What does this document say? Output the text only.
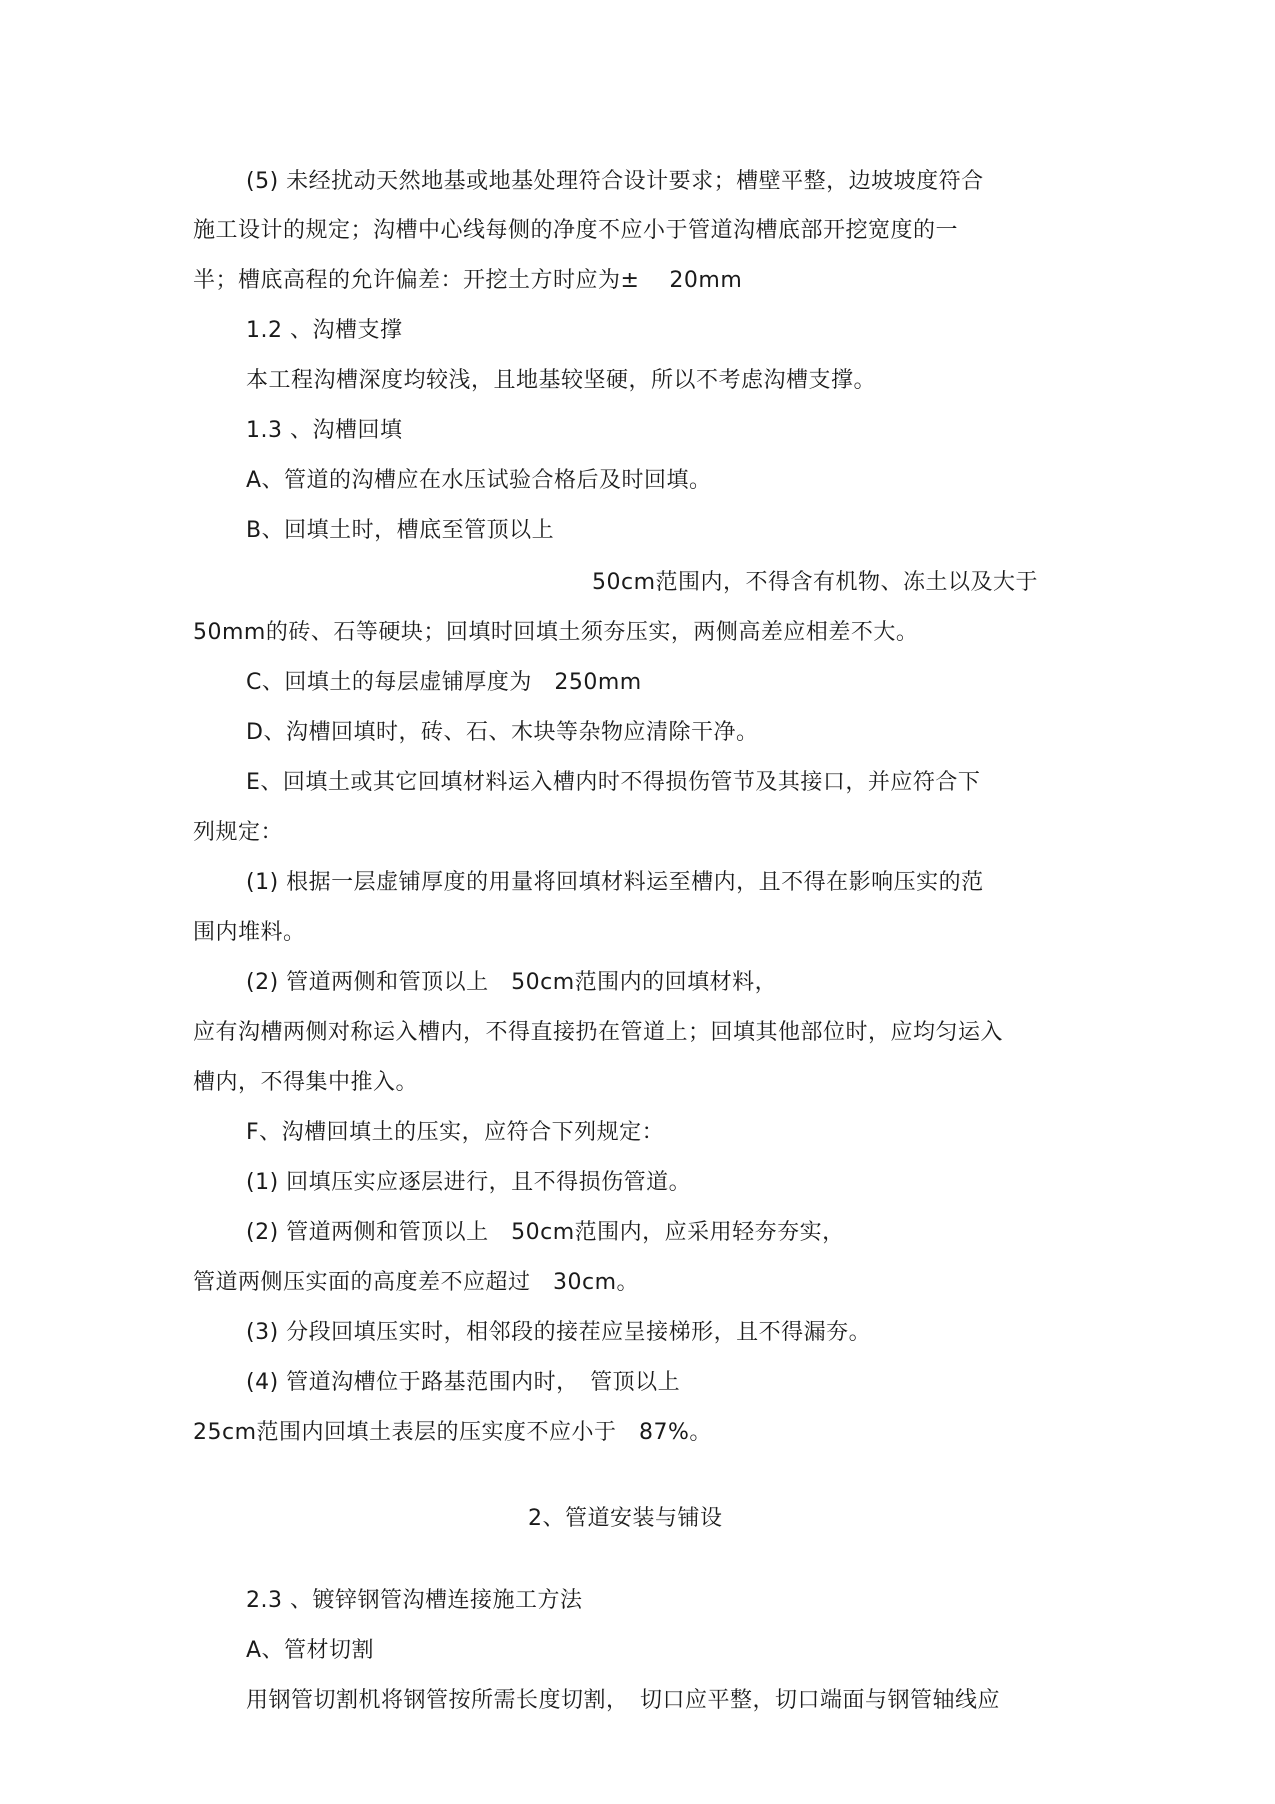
(5) 未经扰动天然地基或地基处理符合设计要求；槽壁平整，边坡坡度符合
施工设计的规定；沟槽中心线每侧的净度不应小于管道沟槽底部开挖宽度的一
半；槽底高程的允许偏差：开挖土方时应为±　 20mm
1.2 、沟槽支撑
本工程沟槽深度均较浅，且地基较坚硬，所以不考虑沟槽支撑。
1.3 、沟槽回填
A、管道的沟槽应在水压试验合格后及时回填。
B、回填土时，槽底至管顶以上
50cm范围内，不得含有机物、冻土以及大于
50mm的砖、石等硬块；回填时回填土须夯压实，两侧高差应相差不大。
C、回填土的每层虚铺厚度为　250mm
D、沟槽回填时，砖、石、木块等杂物应清除干净。
E、回填土或其它回填材料运入槽内时不得损伤管节及其接口，并应符合下
列规定：
(1) 根据一层虚铺厚度的用量将回填材料运至槽内，且不得在影响压实的范
围内堆料。
(2) 管道两侧和管顶以上　50cm范围内的回填材料，
应有沟槽两侧对称运入槽内，不得直接扔在管道上；回填其他部位时，应均匀运入
槽内，不得集中推入。
F、沟槽回填土的压实，应符合下列规定：
(1) 回填压实应逐层进行，且不得损伤管道。
(2) 管道两侧和管顶以上　50cm范围内，应采用轻夯夯实，
管道两侧压实面的高度差不应超过　30cm。
(3) 分段回填压实时，相邻段的接茬应呈接梯形，且不得漏夯。
(4) 管道沟槽位于路基范围内时，　管顶以上
25cm范围内回填土表层的压实度不应小于　87%。
2、管道安装与铺设
2.3 、镀锌钢管沟槽连接施工方法
A、管材切割
用钢管切割机将钢管按所需长度切割，　切口应平整，切口端面与钢管轴线应
